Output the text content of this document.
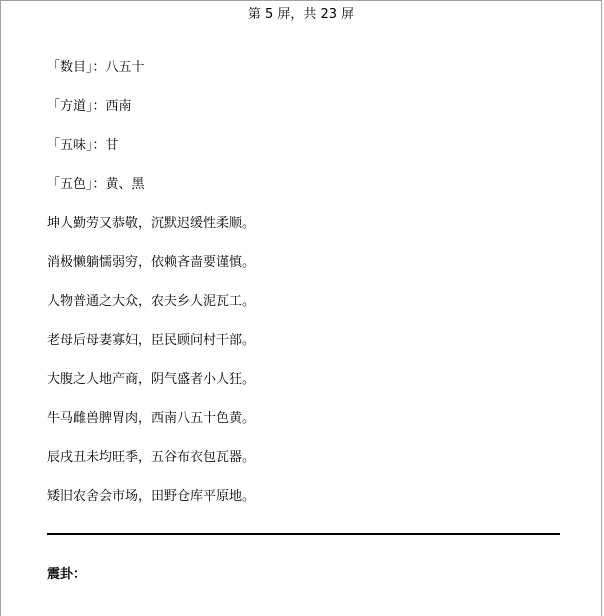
第 5 屏，共 23 屏
「数目」：八五十
「方道」：西南
「五味」：甘
「五色」：黄、黑
坤人勤劳又恭敬，沉默迟缓性柔顺。
消极懒躺懦弱穷，依赖吝啬要谨慎。
人物普通之大众，农夫乡人泥瓦工。
老母后母妻寡妇，臣民顾问村干部。
大腹之人地产商，阴气盛者小人狂。
牛马雌兽脾胃肉，西南八五十色黄。
辰戌丑未均旺季，五谷布衣包瓦器。
矮旧农舍会市场，田野仓库平原地。
震卦：
